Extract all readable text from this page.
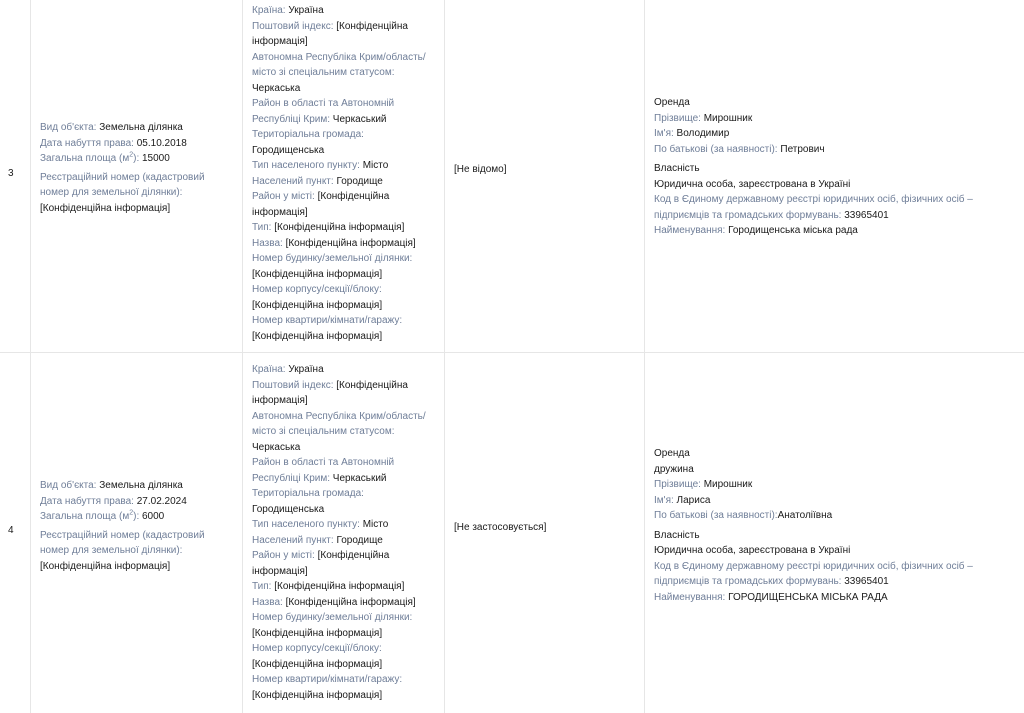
3

Вид об'єкта: Земельна ділянка

Дата набуття права: 05.10.2018

Загальна площа $(м^2)$: 15000

Реєстраційний номер (кадастровий номер для земельної ділянки):

[Конфіденційна інформація]

Країна: Україна

Поштовий індекс: [Конфіденційна інформація]

Автономна Республіка Крим/область/ місто зі спеціальним статусом: Черкаська

Район в області та Автономній Республіці Крим: Черкаський

Територіальна громада: Городищенська

Тип населеного пункту: Місто

Населений пункт: Городище

Район у місті: [Конфіденційна інформація]

Тип: [Конфіденційна інформація]

Назва: [Конфіденційна інформація]

Номер будинку/земельної ділянки: [Конфіденційна інформація]

Номер корпусу/секції/блоку: [Конфіденційна інформація]

Номер квартири/кімнати/гаражу: [Конфіденційна інформація]

[Не відомо]

Оренда

Прізвище: Мирошник

Ім'я: Володимир

По батькові (за наявності): Петрович

Власність

Юридична особа, зареєстрована в Україні

Код в Єдиному державному реєстрі юридичних осіб, фізичних осіб – підприємців та громадських формувань: 33965401

Найменування: Городищенська міська рада

4

Вид об'єкта: Земельна ділянка

Дата набуття права: 27.02.2024

Загальна площа $(м^2)$: 6000

Реєстраційний номер (кадастровий номер для земельної ділянки):

[Конфіденційна інформація]

Країна: Україна

Поштовий індекс: [Конфіденційна інформація]

Автономна Республіка Крим/область/ місто зі спеціальним статусом: Черкаська

Район в області та Автономній Республіці Крим: Черкаський

Територіальна громада: Городищенська

Тип населеного пункту: Місто

Населений пункт: Городище

Район у місті: [Конфіденційна інформація]

Тип: [Конфіденційна інформація]

Назва: [Конфіденційна інформація]

Номер будинку/земельної ділянки: [Конфіденційна інформація]

Номер корпусу/секції/блоку: [Конфіденційна інформація]

Номер квартири/кімнати/гаражу: [Конфіденційна інформація]

[Не застосовується]

Оренда

дружина

Прізвище: Мирошник

Ім'я: Лариса

По батькові (за наявності):Анатоліївна

Власність

Юридична особа, зареєстрована в Україні

Код в Єдиному державному реєстрі юридичних осіб, фізичних осіб – підприємців та громадських формувань: 33965401

Найменування: ГОРОДИЩЕНСЬКА МІСЬКА РАДА
